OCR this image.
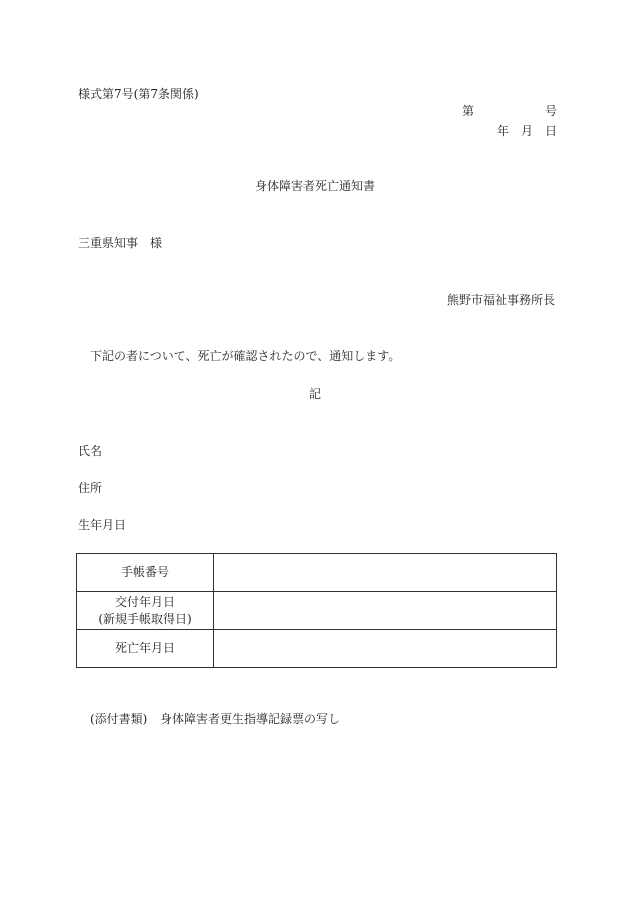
様式第7号(第7条関係)
第	号
年 月 日
身体障害者死亡通知書
三重県知事　様
熊野市福祉事務所長
下記の者について、死亡が確認されたので、通知します。
記
氏名
住所
生年月日
手帳番号	

交付年月日
(新規手帳取得日)	

死亡年月日	

(添付書類) 身体障害者更生指導記録票の写し
